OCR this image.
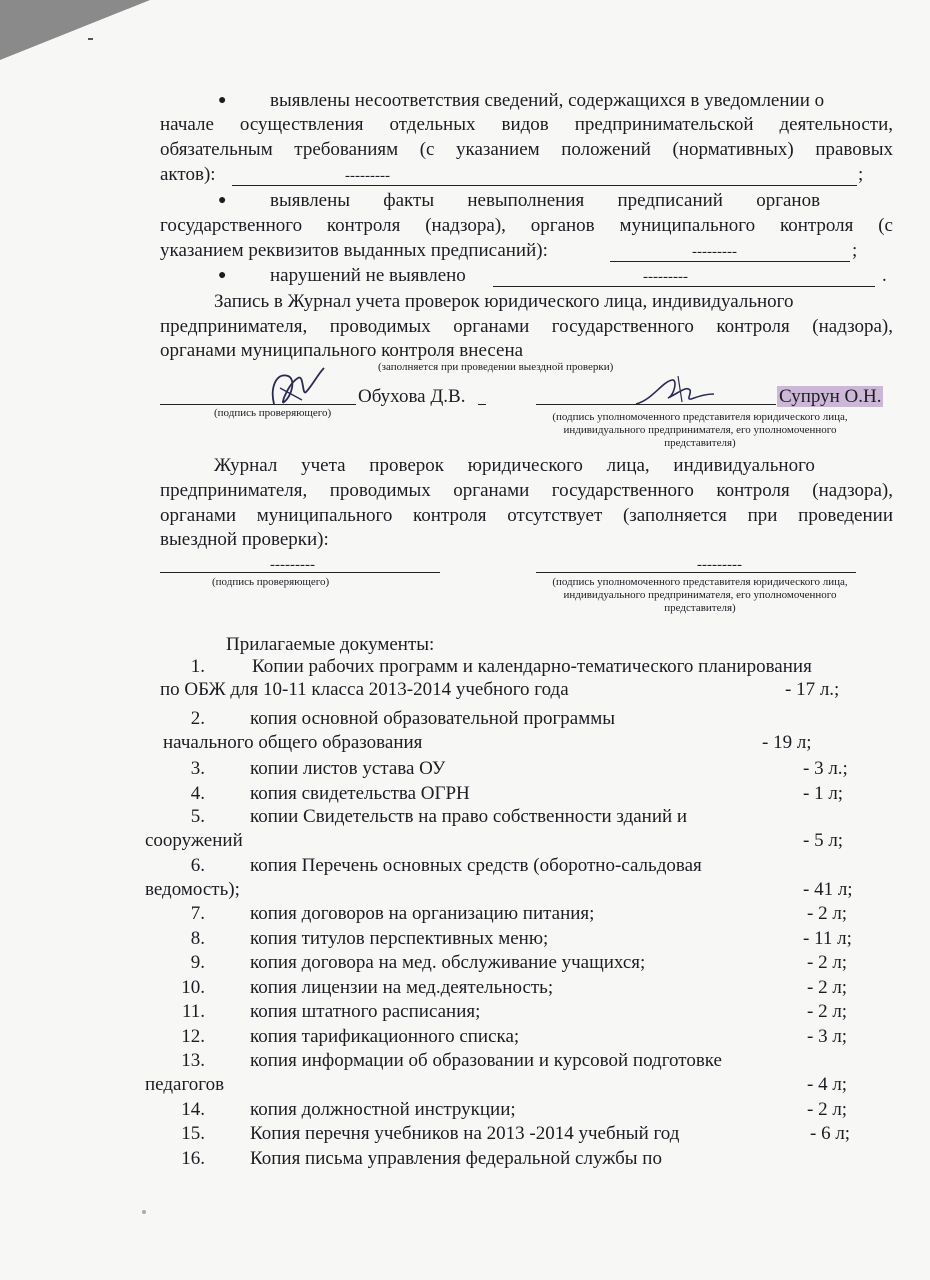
● выявлены несоответствия сведений, содержащихся в уведомлении о
начале осуществления отдельных видов предпринимательской деятельности,
обязательным требованиям (с указанием положений (нормативных) правовых
актов):	---------	;
● выявлены       факты       невыполнения       предписаний       органов
государственного контроля (надзора), органов муниципального контроля (с
указанием реквизитов выданных предписаний):	---------	;
● нарушений не выявлено	---------	.
Запись в Журнал учета проверок юридического лица, индивидуального
предпринимателя, проводимых органами государственного контроля (надзора),
органами муниципального контроля внесена
(заполняется при проведении выездной проверки)
Обухова Д.В.
(подпись проверяющего)
Супрун О.Н.
(подпись уполномоченного представителя юридического лица, индивидуального предпринимателя, его уполномоченного представителя)
Журнал     учета     проверок     юридического     лица,     индивидуального
предпринимателя, проводимых органами государственного контроля (надзора),
органами муниципального контроля отсутствует (заполняется при проведении
выездной проверки):
---------
(подпись проверяющего)
---------
(подпись уполномоченного представителя юридического лица, индивидуального предпринимателя, его уполномоченного представителя)
Прилагаемые документы:
1. Копии рабочих программ и календарно-тематического планирования
по ОБЖ для 10-11 класса 2013-2014 учебного года	- 17 л.;
2. копия основной образовательной программы
начального общего образования	- 19 л;
3. копии листов устава ОУ	- 3 л.;
4. копия свидетельства ОГРН	- 1 л;
5. копии Свидетельств на право собственности зданий и
сооружений	- 5 л;
6. копия Перечень основных средств (оборотно-сальдовая
ведомость);	- 41 л;
7. копия договоров на организацию питания;	- 2 л;
8. копия титулов перспективных меню;	- 11 л;
9. копия договора на мед. обслуживание учащихся;	- 2 л;
10. копия лицензии на мед.деятельность;	- 2 л;
11. копия штатного расписания;	- 2 л;
12. копия тарификационного списка;	- 3 л;
13. копия информации об образовании и курсовой подготовке
педагогов	- 4 л;
14. копия должностной инструкции;	- 2 л;
15. Копия перечня учебников на 2013 -2014 учебный год	- 6 л;
16. Копия письма управления федеральной службы по
